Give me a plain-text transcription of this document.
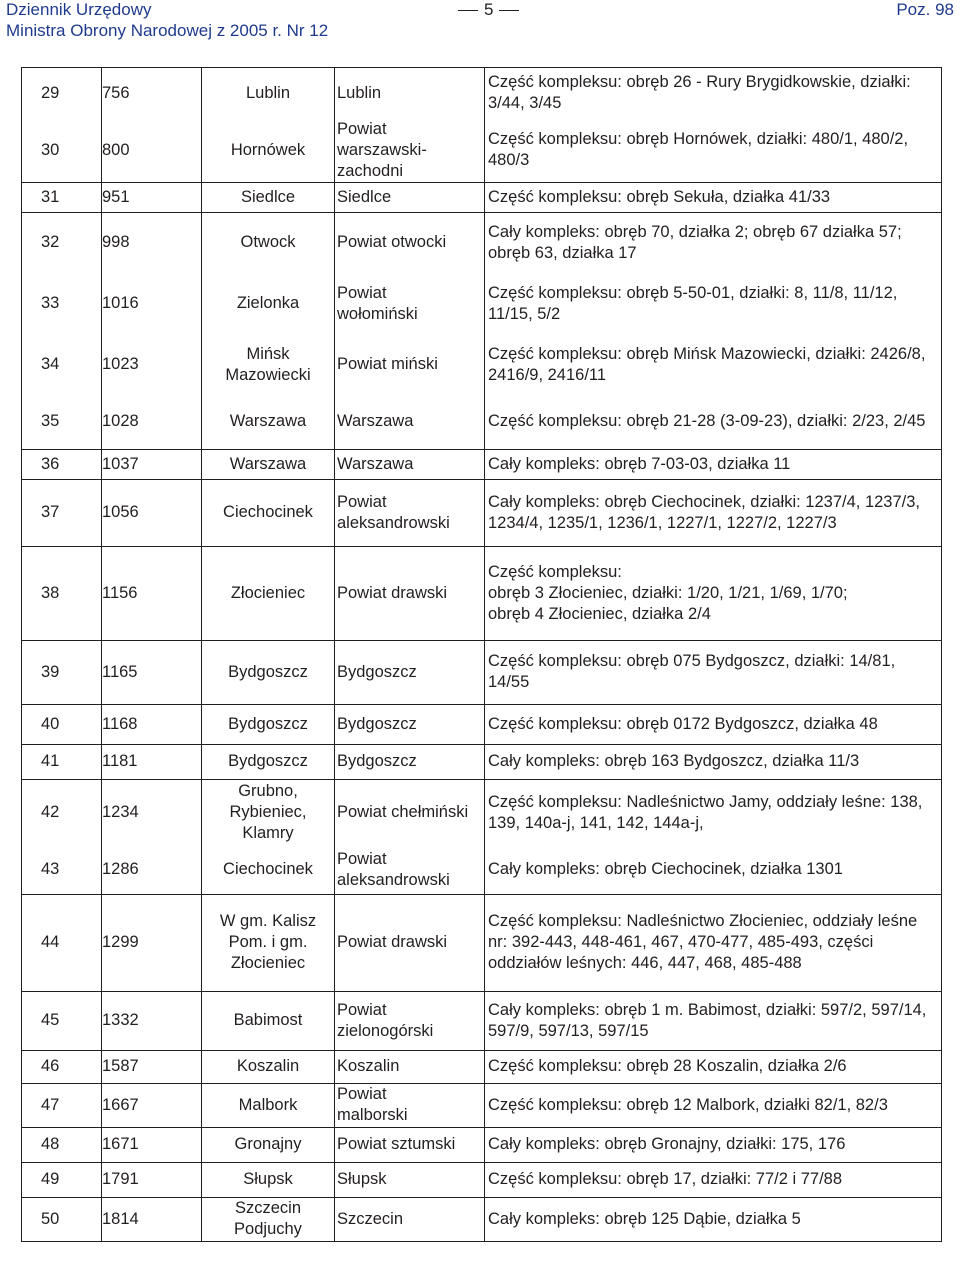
Dziennik Urzędowy
Ministra Obrony Narodowej z 2005 r. Nr 12
5	Poz. 98
29	756	Lublin	Lublin	Część kompleksu: obręb 26 - Rury Brygidkowskie, działki: 3/44, 3/45
30	800	Hornówek	Powiat
warszawski-
zachodni	Część kompleksu: obręb Hornówek, działki: 480/1, 480/2, 480/3
31	951	Siedlce	Siedlce	Część kompleksu: obręb Sekuła, działka 41/33
32	998	Otwock	Powiat otwocki	Cały kompleks: obręb 70, działka 2; obręb 67 działka 57; obręb 63, działka 17
33	1016	Zielonka	Powiat
wołomiński	Część kompleksu: obręb 5-50-01, działki: 8, 11/8, 11/12, 11/15, 5/2
34	1023	Mińsk
Mazowiecki	Powiat miński	Część kompleksu: obręb Mińsk Mazowiecki, działki: 2426/8, 2416/9, 2416/11
35	1028	Warszawa	Warszawa	Część kompleksu: obręb 21-28 (3-09-23), działki: 2/23, 2/45
36	1037	Warszawa	Warszawa	Cały kompleks: obręb 7-03-03, działka 11
37	1056	Ciechocinek	Powiat
aleksandrowski	Cały kompleks: obręb Ciechocinek, działki: 1237/4, 1237/3, 1234/4, 1235/1, 1236/1, 1227/1, 1227/2, 1227/3
38	1156	Złocieniec	Powiat drawski	Część kompleksu:
obręb 3 Złocieniec, działki: 1/20, 1/21, 1/69, 1/70;
obręb 4 Złocieniec, działka 2/4

39	1165	Bydgoszcz	Bydgoszcz	Część kompleksu: obręb 075 Bydgoszcz, działki: 14/81, 14/55
40	1168	Bydgoszcz	Bydgoszcz	Część kompleksu: obręb 0172 Bydgoszcz, działka 48
41	1181	Bydgoszcz	Bydgoszcz	Cały kompleks: obręb 163 Bydgoszcz, działka 11/3
42	1234	Grubno,
Rybieniec,
Klamry	Powiat chełmiński	Część kompleksu: Nadleśnictwo Jamy, oddziały leśne: 138, 139, 140a-j, 141, 142, 144a-j,
43	1286	Ciechocinek	Powiat
aleksandrowski	Cały kompleks: obręb Ciechocinek, działka 1301
44	1299	W gm. Kalisz
Pom. i gm.
Złocieniec	Powiat drawski	Część kompleksu: Nadleśnictwo Złocieniec, oddziały leśne nr: 392-443, 448-461, 467, 470-477, 485-493, części oddziałów leśnych: 446, 447, 468, 485-488
45	1332	Babimost	Powiat
zielonogórski	Cały kompleks: obręb 1 m. Babimost, działki: 597/2, 597/14, 597/9, 597/13, 597/15
46	1587	Koszalin	Koszalin	Część kompleksu: obręb 28 Koszalin, działka 2/6
47	1667	Malbork	Powiat
malborski	Część kompleksu: obręb 12 Malbork, działki 82/1, 82/3
48	1671	Gronajny	Powiat sztumski	Cały kompleks: obręb Gronajny, działki: 175, 176
49	1791	Słupsk	Słupsk	Część kompleksu: obręb 17, działki: 77/2 i 77/88
50	1814	Szczecin
Podjuchy	Szczecin	Cały kompleks: obręb 125 Dąbie, działka 5
